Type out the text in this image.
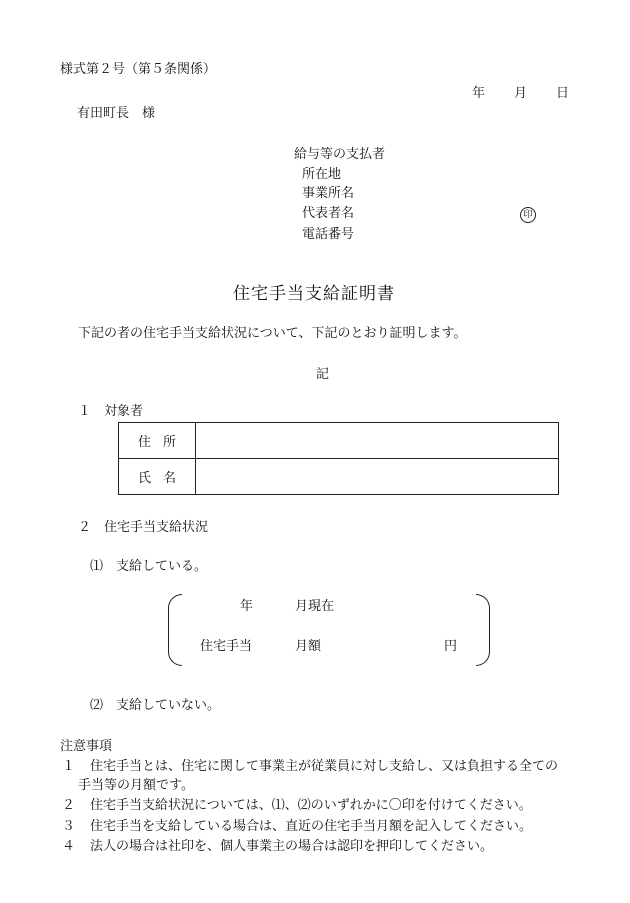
様式第２号（第５条関係）
年 月 日
有田町長　様
給与等の支払者
所在地
事業所名
代表者名	印
電話番号
住宅手当支給証明書
下記の者の住宅手当支給状況について、下記のとおり証明します。
記
１　対象者
住所	
氏名	
２　住宅手当支給状況
⑴　支給している。
年	月現在
住宅手当	月額	円
⑵　支給していない。
注意事項
１ 住宅手当とは、住宅に関して事業主が従業員に対し支給し、又は負担する全ての
手当等の月額です。
２ 住宅手当支給状況については、⑴、⑵のいずれかに〇印を付けてください。
３ 住宅手当を支給している場合は、直近の住宅手当月額を記入してください。
４ 法人の場合は社印を、個人事業主の場合は認印を押印してください。
